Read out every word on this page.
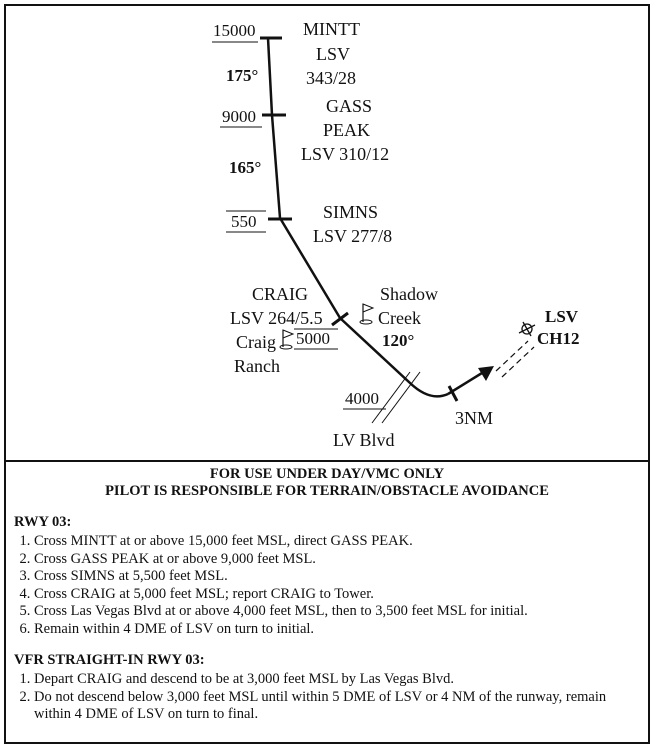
15000
9000
550
5000
4000
175°
165°
120°
MINTT
LSV
343/28
GASS
PEAK
LSV 310/12
SIMNS
LSV 277/8
CRAIG
LSV 264/5.5
Shadow
Creek
Craig
Ranch
LV Blvd
3NM
LSV
CH12
FOR USE UNDER DAY/VMC ONLY
PILOT IS RESPONSIBLE FOR TERRAIN/OBSTACLE AVOIDANCE
RWY 03:
1. Cross MINTT at or above 15,000 feet MSL, direct GASS PEAK.
2. Cross GASS PEAK at or above 9,000 feet MSL.
3. Cross SIMNS at 5,500 feet MSL.
4. Cross CRAIG at 5,000 feet MSL; report CRAIG to Tower.
5. Cross Las Vegas Blvd at or above 4,000 feet MSL, then to 3,500 feet MSL for initial.
6. Remain within 4 DME of LSV on turn to initial.
VFR STRAIGHT-IN RWY 03:
1. Depart CRAIG and descend to be at 3,000 feet MSL by Las Vegas Blvd.
2. Do not descend below 3,000 feet MSL until within 5 DME of LSV or 4 NM of the runway, remain within 4 DME of LSV on turn to final.
